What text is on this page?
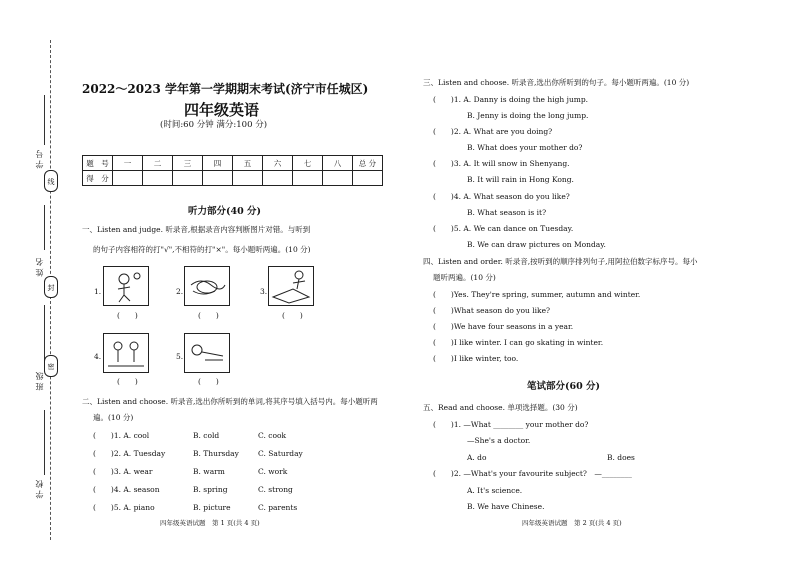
学 号
线
姓 名
封
班 级
密
学 校
2022～2023 学年第一学期期末考试(济宁市任城区)
四年级英语
(时间:60 分钟 满分:100 分)
题　号	一	二	三	四	五	六	七	八	总 分
得　分									
听力部分(40 分)
一、Listen and judge. 听录音,根据录音内容判断图片对错。与听到
的句子内容相符的打"√",不相符的打"×"。每小题听两遍。(10 分)
1.
(　　)
2.
(　　)
3.
(　　)
4.
(　　)
5.
(　　)
二、Listen and choose. 听录音,选出你所听到的单词,将其序号填入括号内。每小题听两
遍。(10 分)
(　　)1. A. cool	B. cold	C. cook
(　　)2. A. Tuesday	B. Thursday	C. Saturday
(　　)3. A. wear	B. warm	C. work
(　　)4. A. season	B. spring	C. strong
(　　)5. A. piano	B. picture	C. parents
四年级英语试题　第 1 页(共 4 页)
三、Listen and choose. 听录音,选出你所听到的句子。每小题听两遍。(10 分)
(　　)1. A. Danny is doing the high jump.
B. Jenny is doing the long jump.
(　　)2. A. What are you doing?
B. What does your mother do?
(　　)3. A. It will snow in Shenyang.
B. It will rain in Hong Kong.
(　　)4. A. What season do you like?
B. What season is it?
(　　)5. A. We can dance on Tuesday.
B. We can draw pictures on Monday.
四、Listen and order. 听录音,按听到的顺序排列句子,用阿拉伯数字标序号。每小
题听两遍。(10 分)
(　　)Yes. They're spring, summer, autumn and winter.
(　　)What season do you like?
(　　)We have four seasons in a year.
(　　)I like winter. I can go skating in winter.
(　　)I like winter, too.
笔试部分(60 分)
五、Read and choose. 单项选择题。(30 分)
(　　)1. —What ________ your mother do?
—She's a doctor.
A. do	B. does
(　　)2. —What's your favourite subject?　—________
A. It's science.
B. We have Chinese.
四年级英语试题　第 2 页(共 4 页)
